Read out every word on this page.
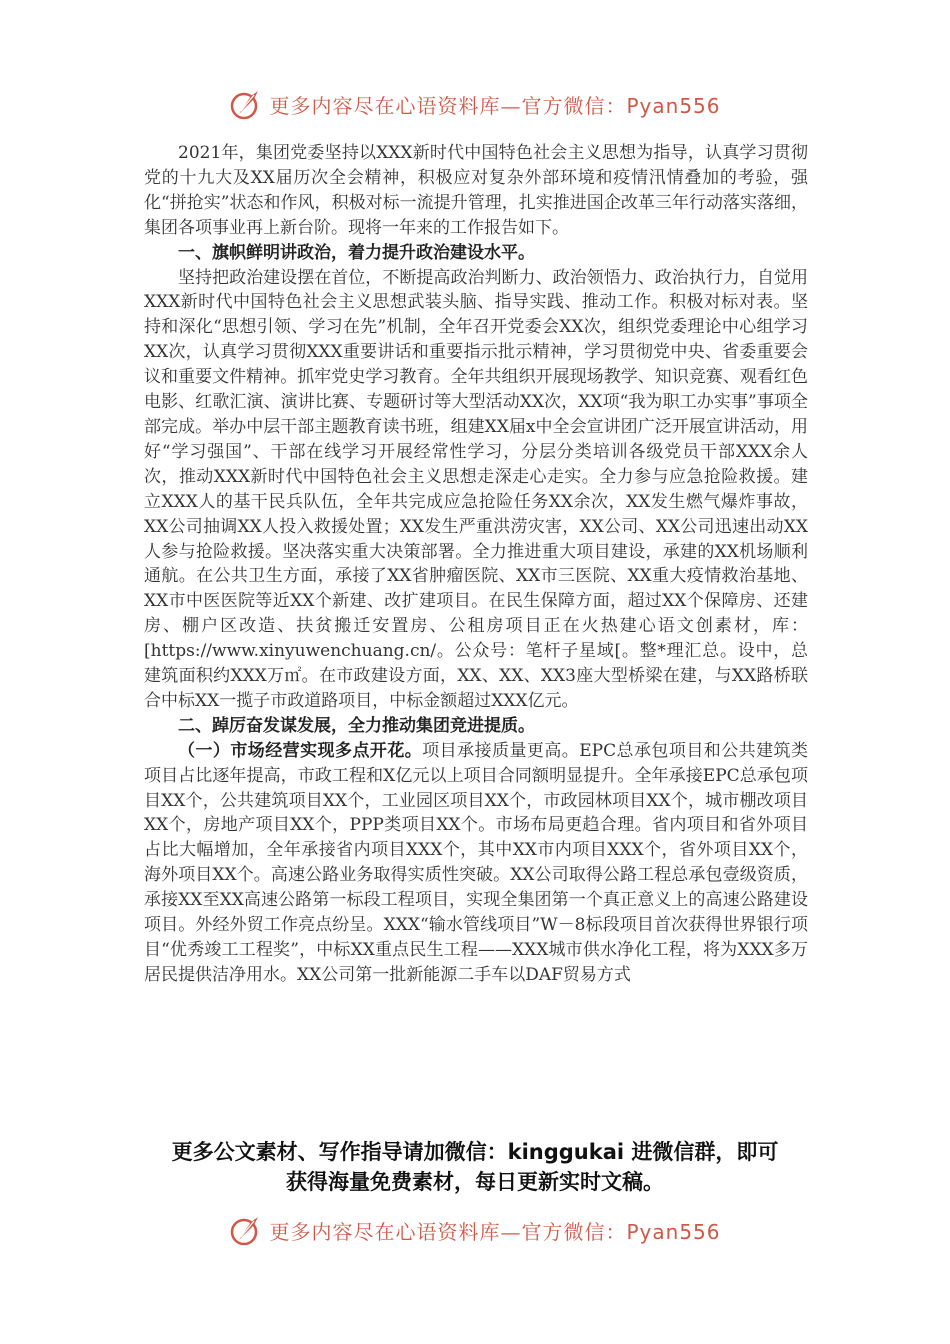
更多内容尽在心语资料库—官方微信：Pyan556

2021年，集团党委坚持以XXX新时代中国特色社会主义思想为指导，认真学习贯彻党的十九大及XX届历次全会精神，积极应对复杂外部环境和疫情汛情叠加的考验，强化“拼抢实”状态和作风，积极对标一流提升管理，扎实推进国企改革三年行动落实落细，集团各项事业再上新台阶。现将一年来的工作报告如下。

一、旗帜鲜明讲政治，着力提升政治建设水平。

坚持把政治建设摆在首位，不断提高政治判断力、政治领悟力、政治执行力，自觉用XXX新时代中国特色社会主义思想武装头脑、指导实践、推动工作。积极对标对表。坚持和深化“思想引领、学习在先”机制，全年召开党委会XX次，组织党委理论中心组学习XX次，认真学习贯彻XXX重要讲话和重要指示批示精神，学习贯彻党中央、省委重要会议和重要文件精神。抓牢党史学习教育。全年共组织开展现场教学、知识竞赛、观看红色电影、红歌汇演、演讲比赛、专题研讨等大型活动XX次，XX项“我为职工办实事”事项全部完成。举办中层干部主题教育读书班，组建XX届x中全会宣讲团广泛开展宣讲活动，用好“学习强国”、干部在线学习开展经常性学习，分层分类培训各级党员干部XXX余人次，推动XXX新时代中国特色社会主义思想走深走心走实。全力参与应急抢险救援。建立XXX人的基干民兵队伍，全年共完成应急抢险任务XX余次，XX发生燃气爆炸事故，XX公司抽调XX人投入救援处置；XX发生严重洪涝灾害，XX公司、XX公司迅速出动XX人参与抢险救援。坚决落实重大决策部署。全力推进重大项目建设，承建的XX机场顺利通航。在公共卫生方面，承接了XX省肿瘤医院、XX市三医院、XX重大疫情救治基地、XX市中医医院等近XX个新建、改扩建项目。在民生保障方面，超过XX个保障房、还建房、棚户区改造、扶贫搬迁安置房、公租房项目正在火热建心语文创素材，库：[https://www.xinyuwenchuang.cn/。公众号：笔杆子星域[。整*理汇总。设中，总建筑面积约XXX万㎡。在市政建设方面，XX、XX、XX3座大型桥梁在建，与XX路桥联合中标XX一揽子市政道路项目，中标金额超过XXX亿元。

二、踔厉奋发谋发展，全力推动集团竞进提质。

（一）市场经营实现多点开花。项目承接质量更高。EPC总承包项目和公共建筑类项目占比逐年提高，市政工程和X亿元以上项目合同额明显提升。全年承接EPC总承包项目XX个，公共建筑项目XX个，工业园区项目XX个，市政园林项目XX个，城市棚改项目XX个，房地产项目XX个，PPP类项目XX个。市场布局更趋合理。省内项目和省外项目占比大幅增加，全年承接省内项目XXX个，其中XX市内项目XXX个，省外项目XX个，海外项目XX个。高速公路业务取得实质性突破。XX公司取得公路工程总承包壹级资质，承接XX至XX高速公路第一标段工程项目，实现全集团第一个真正意义上的高速公路建设项目。外经外贸工作亮点纷呈。XXX“输水管线项目”W－8标段项目首次获得世界银行项目“优秀竣工工程奖”，中标XX重点民生工程——XXX城市供水净化工程，将为XXX多万居民提供洁净用水。XX公司第一批新能源二手车以DAF贸易方式

更多公文素材、写作指导请加微信：kinggukai 进微信群，即可
获得海量免费素材，每日更新实时文稿。
更多内容尽在心语资料库—官方微信：Pyan556
